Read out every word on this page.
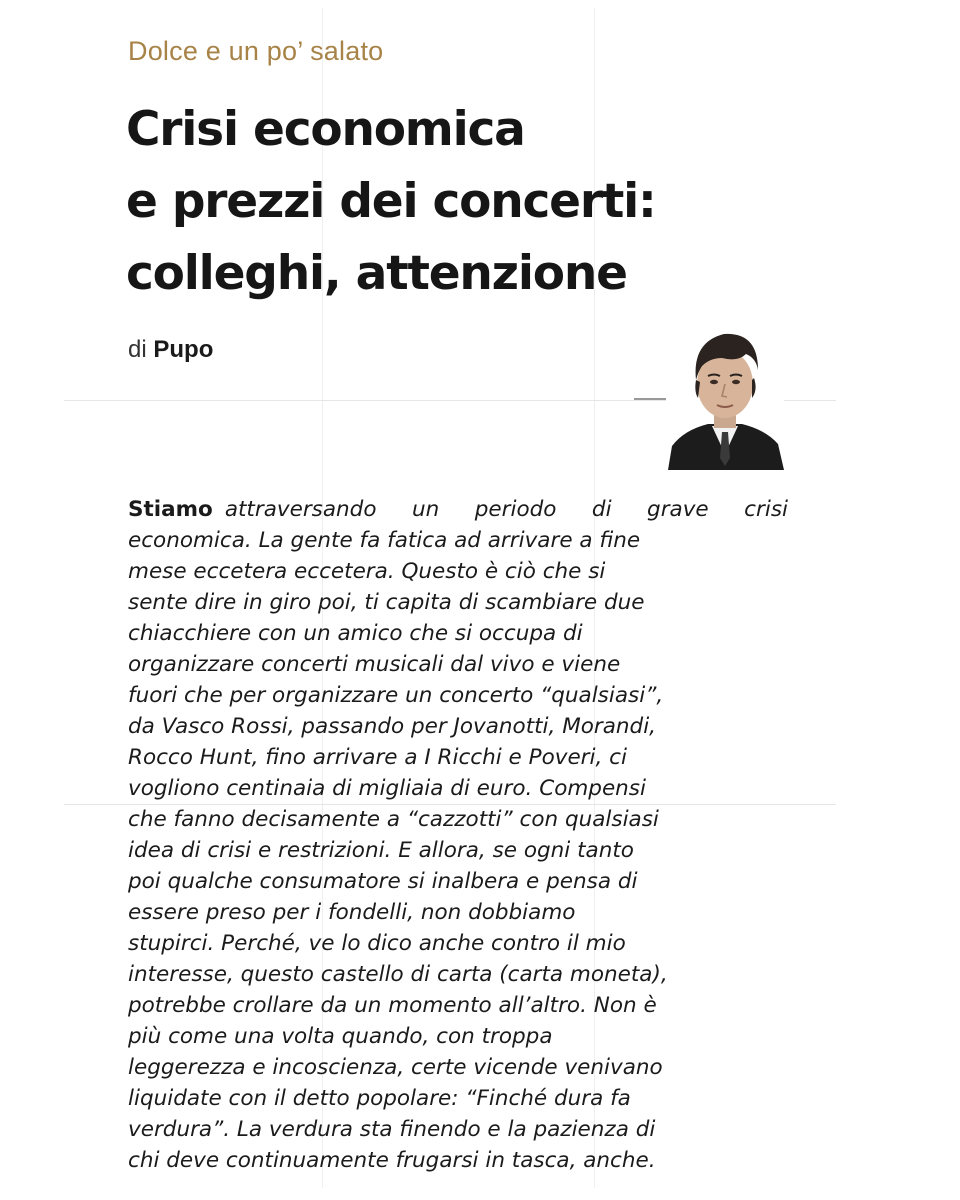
Dolce e un po’ salato

Crisi economica
e prezzi dei concerti:
colleghi, attenzione

di Pupo

Stiamo attraversando un periodo di grave crisi
economica. La gente fa fatica ad arrivare a fine
mese eccetera eccetera. Questo è ciò che si
sente dire in giro poi, ti capita di scambiare due
chiacchiere con un amico che si occupa di
organizzare concerti musicali dal vivo e viene
fuori che per organizzare un concerto “qualsiasi”,
da Vasco Rossi, passando per Jovanotti, Morandi,
Rocco Hunt, fino arrivare a I Ricchi e Poveri, ci
vogliono centinaia di migliaia di euro. Compensi
che fanno decisamente a “cazzotti” con qualsiasi
idea di crisi e restrizioni. E allora, se ogni tanto
poi qualche consumatore si inalbera e pensa di
essere preso per i fondelli, non dobbiamo
stupirci. Perché, ve lo dico anche contro il mio
interesse, questo castello di carta (carta moneta),
potrebbe crollare da un momento all’altro. Non è
più come una volta quando, con troppa
leggerezza e incoscienza, certe vicende venivano
liquidate con il detto popolare: “Finché dura fa
verdura”. La verdura sta finendo e la pazienza di
chi deve continuamente frugarsi in tasca, anche.
